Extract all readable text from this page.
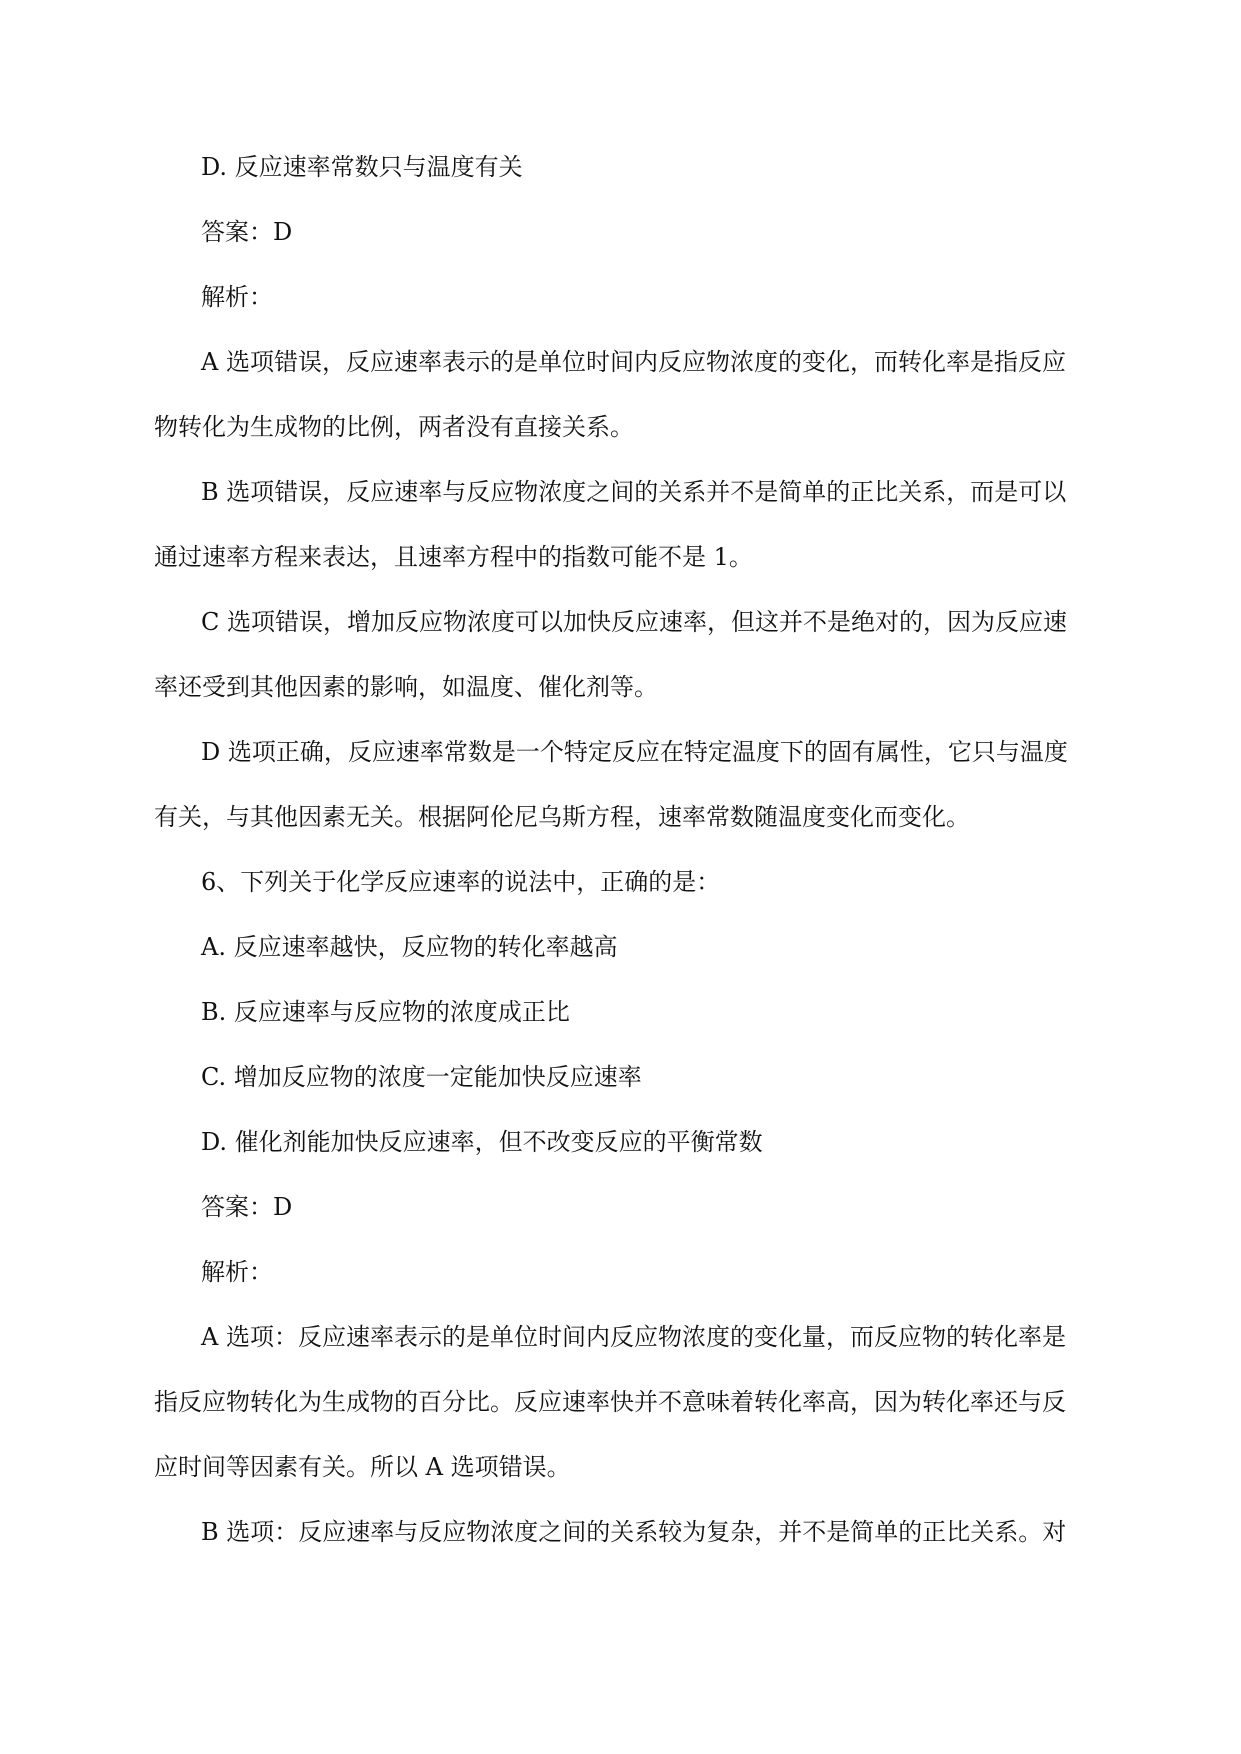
D. 反应速率常数只与温度有关
答案：D
解析：
A 选项错误，反应速率表示的是单位时间内反应物浓度的变化，而转化率是指反应
物转化为生成物的比例，两者没有直接关系。
B 选项错误，反应速率与反应物浓度之间的关系并不是简单的正比关系，而是可以
通过速率方程来表达，且速率方程中的指数可能不是 1。
C 选项错误，增加反应物浓度可以加快反应速率，但这并不是绝对的，因为反应速
率还受到其他因素的影响，如温度、催化剂等。
D 选项正确，反应速率常数是一个特定反应在特定温度下的固有属性，它只与温度
有关，与其他因素无关。根据阿伦尼乌斯方程，速率常数随温度变化而变化。
6、下列关于化学反应速率的说法中，正确的是：
A. 反应速率越快，反应物的转化率越高
B. 反应速率与反应物的浓度成正比
C. 增加反应物的浓度一定能加快反应速率
D. 催化剂能加快反应速率，但不改变反应的平衡常数
答案：D
解析：
A 选项：反应速率表示的是单位时间内反应物浓度的变化量，而反应物的转化率是
指反应物转化为生成物的百分比。反应速率快并不意味着转化率高，因为转化率还与反
应时间等因素有关。所以 A 选项错误。
B 选项：反应速率与反应物浓度之间的关系较为复杂，并不是简单的正比关系。对
